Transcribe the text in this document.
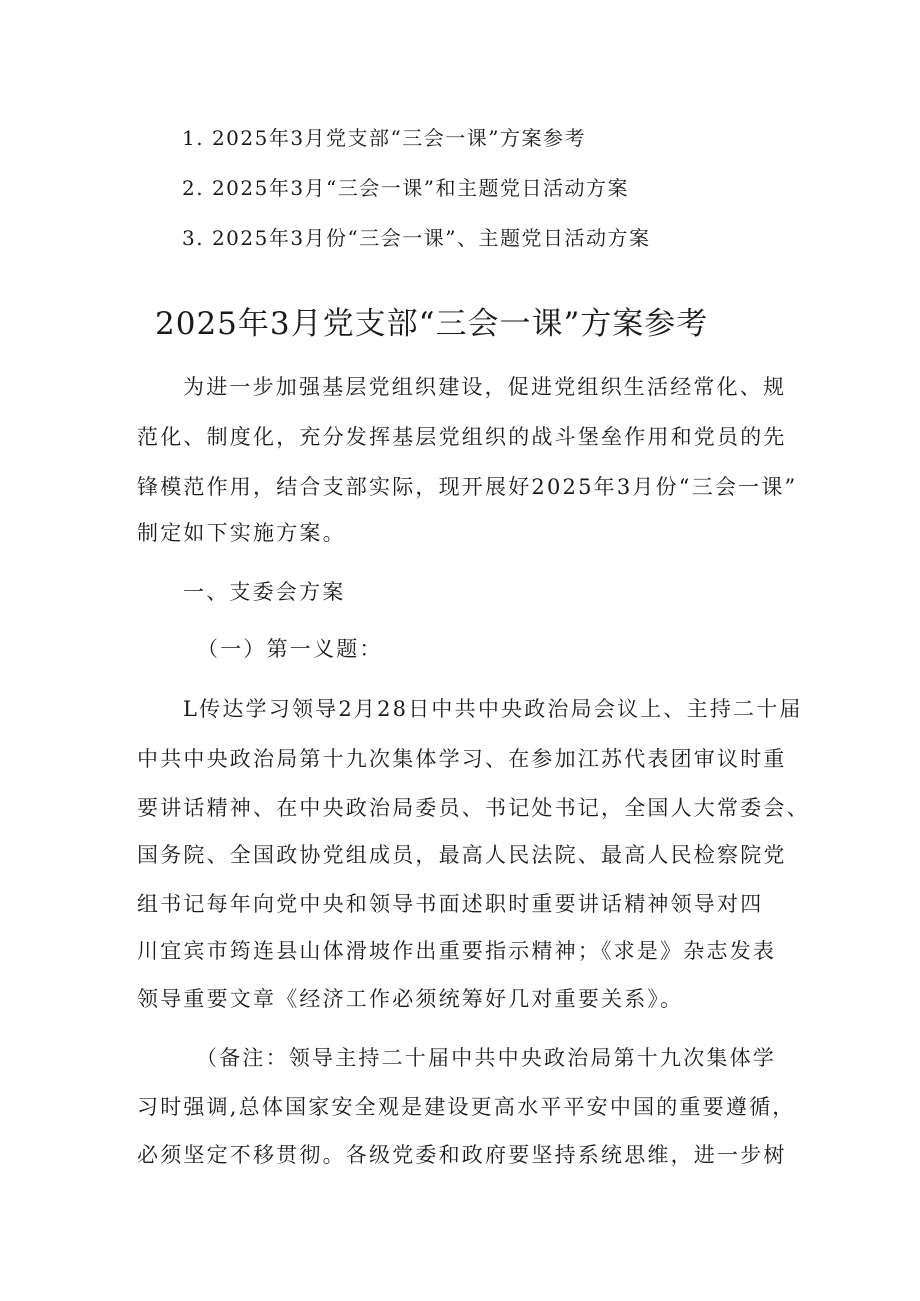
1. 2025年3月党支部“三会一课”方案参考
2. 2025年3月“三会一课”和主题党日活动方案
3. 2025年3月份“三会一课”、主题党日活动方案
2025年3月党支部“三会一课”方案参考
为进一步加强基层党组织建设，促进党组织生活经常化、规
范化、制度化，充分发挥基层党组织的战斗堡垒作用和党员的先
锋模范作用，结合支部实际，现开展好2025年3月份“三会一课”
制定如下实施方案。
一、支委会方案
（一）第一义题：
L传达学习领导2月28日中共中央政治局会议上、主持二十届
中共中央政治局第十九次集体学习、在参加江苏代表团审议时重
要讲话精神、在中央政治局委员、书记处书记，全国人大常委会、
国务院、全国政协党组成员，最高人民法院、最高人民检察院党
组书记每年向党中央和领导书面述职时重要讲话精神领导对四
川宜宾市筠连县山体滑坡作出重要指示精神；《求是》杂志发表
领导重要文章《经济工作必须统筹好几对重要关系》。
（备注：领导主持二十届中共中央政治局第十九次集体学
习时强调,总体国家安全观是建设更高水平平安中国的重要遵循，
必须坚定不移贯彻。各级党委和政府要坚持系统思维，进一步树
